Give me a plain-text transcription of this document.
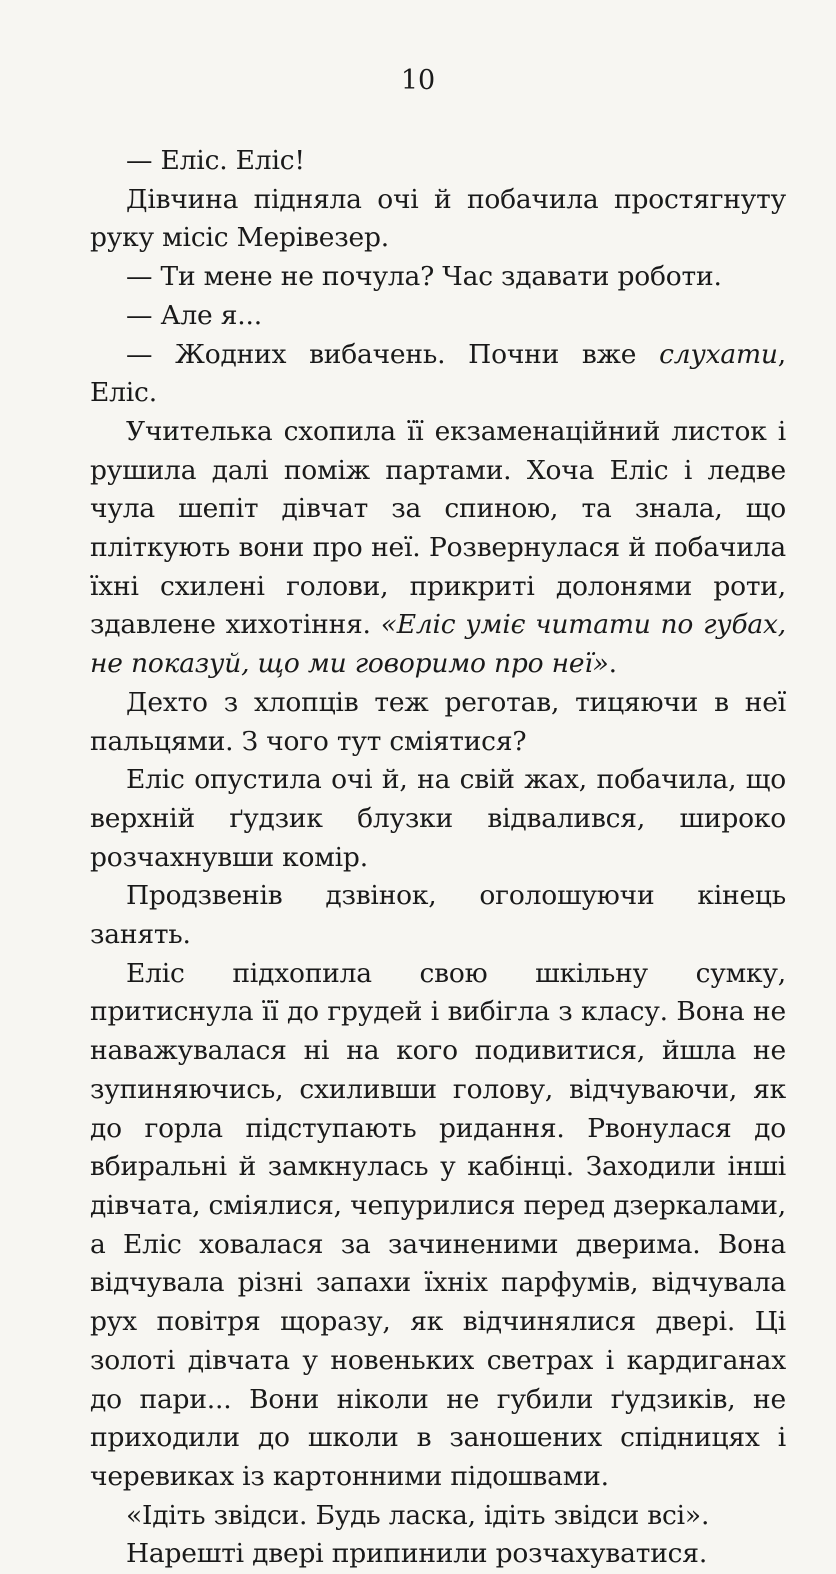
10

— Еліс. Еліс!

Дівчина підняла очі й побачила простягнуту руку місіс Мерівезер.

— Ти мене не почула? Час здавати роботи.

— Але я...

— Жодних вибачень. Почни вже слухати, Еліс.

Учителька схопила її екзаменаційний листок і рушила далі поміж партами. Хоча Еліс і ледве чула шепіт дівчат за спиною, та знала, що пліткують вони про неї. Розвернулася й побачила їхні схилені голови, прикриті долонями роти, здавлене хихотіння. «Еліс уміє читати по губах, не показуй, що ми говоримо про неї».

Дехто з хлопців теж реготав, тицяючи в неї пальцями. З чого тут сміятися?

Еліс опустила очі й, на свій жах, побачила, що верхній ґудзик блузки відвалився, широко розчахнувши комір.

Продзвенів дзвінок, оголошуючи кінець занять.

Еліс підхопила свою шкільну сумку, притиснула її до грудей і вибігла з класу. Вона не наважувалася ні на кого подивитися, йшла не зупиняючись, схиливши голову, відчуваючи, як до горла підступають ридання. Рвонулася до вбиральні й замкнулась у кабінці. Заходили інші дівчата, сміялися, чепурилися перед дзеркалами, а Еліс ховалася за зачиненими дверима. Вона відчувала різні запахи їхніх парфумів, відчувала рух повітря щоразу, як відчинялися двері. Ці золоті дівчата у новеньких светрах і кардиганах до пари... Вони ніколи не губили ґудзиків, не приходили до школи в заношених спідницях і черевиках із картонними підошвами.

«Ідіть звідси. Будь ласка, ідіть звідси всі».

Нарешті двері припинили розчахуватися.
